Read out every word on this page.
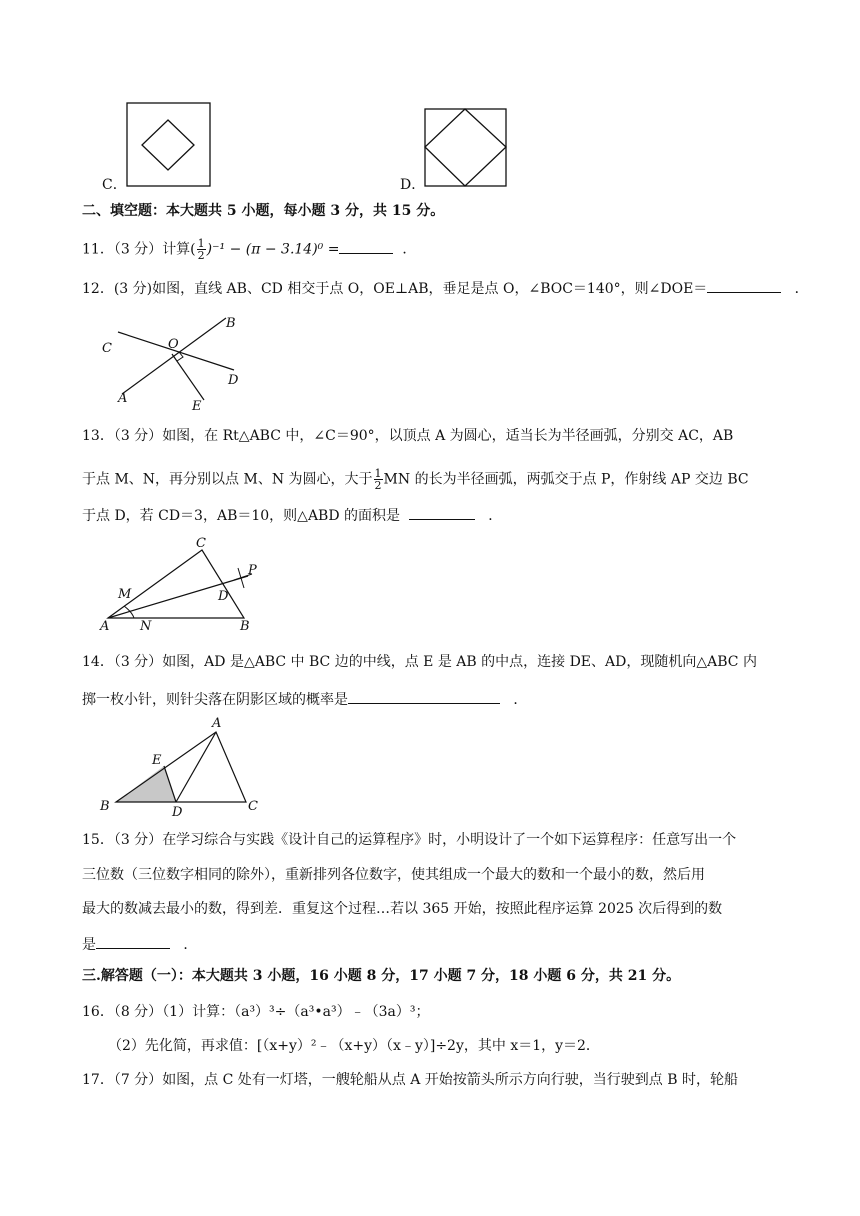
C．	D．
二、填空题：本大题共 5 小题，每小题 3 分，共 15 分。
11．（3 分）计算( $\frac{1}{2} )^{-1} - (\pi - 3.14)^0$ =	．
12．(3 分)如图，直线 AB、CD 相交于点 O，OE⊥AB，垂足是点 O，∠BOC＝140°，则∠DOE＝	．
B
C	O
D
A
E
13．（3 分）如图，在 Rt△ABC 中，∠C＝90°，以顶点 A 为圆心，适当长为半径画弧，分别交 AC，AB
于点 M、N，再分别以点 M、N 为圆心，大于 $\frac{1}{2}$ MN 的长为半径画弧，两弧交于点 P，作射线 AP 交边 BC
于点 D，若 CD＝3，AB＝10，则△ABD 的面积是	．
C
P
M	D
A N	B
14．（3 分）如图，AD 是△ABC 中 BC 边的中线，点 E 是 AB 的中点，连接 DE、AD，现随机向△ABC 内
掷一枚小针，则针尖落在阴影区域的概率是	．
A
E
B	D	C
15．（3 分）在学习综合与实践《设计自己的运算程序》时，小明设计了一个如下运算程序：任意写出一个
三位数（三位数字相同的除外），重新排列各位数字，使其组成一个最大的数和一个最小的数，然后用
最大的数减去最小的数，得到差．重复这个过程…若以 365 开始，按照此程序运算 2025 次后得到的数
是	．
三.解答题（一）：本大题共 3 小题，16 小题 8 分，17 小题 7 分，18 小题 6 分，共 21 分。
16．（8 分）（1）计算：（a³）³÷（a³•a³）﹣（3a）³；
（2）先化简，再求值：[（x+y）²﹣（x+y）（x﹣y）]÷2y，其中 x＝1，y＝2．
17．（7 分）如图，点 C 处有一灯塔，一艘轮船从点 A 开始按箭头所示方向行驶，当行驶到点 B 时，轮船
